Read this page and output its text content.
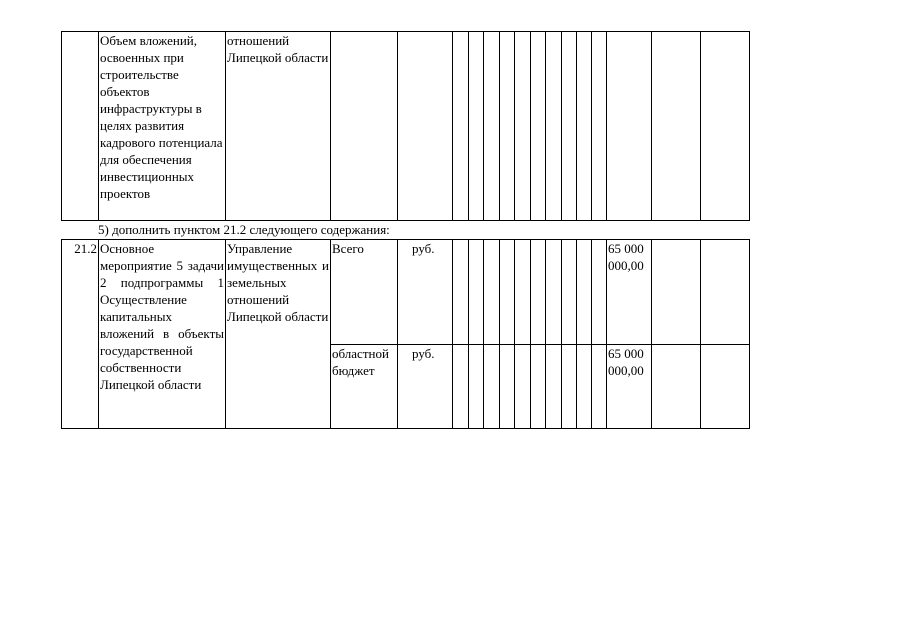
	Объем вложений, освоенных при строительстве объектов инфраструктуры в целях развития кадрового потенциала для обеспечения инвестиционных проектов	отношений Липецкой области															
5) дополнить пунктом 21.2 следующего содержания:
21.2	Основное мероприятие 5 задачи 2 подпрограммы 1 Осуществление капитальных вложений в объекты государственной собственности Липецкой области	Управление имущественных и земельных отношений Липецкой области	Всего	руб.											65 000 000,00		
			областной бюджет	руб.											65 000 000,00		
